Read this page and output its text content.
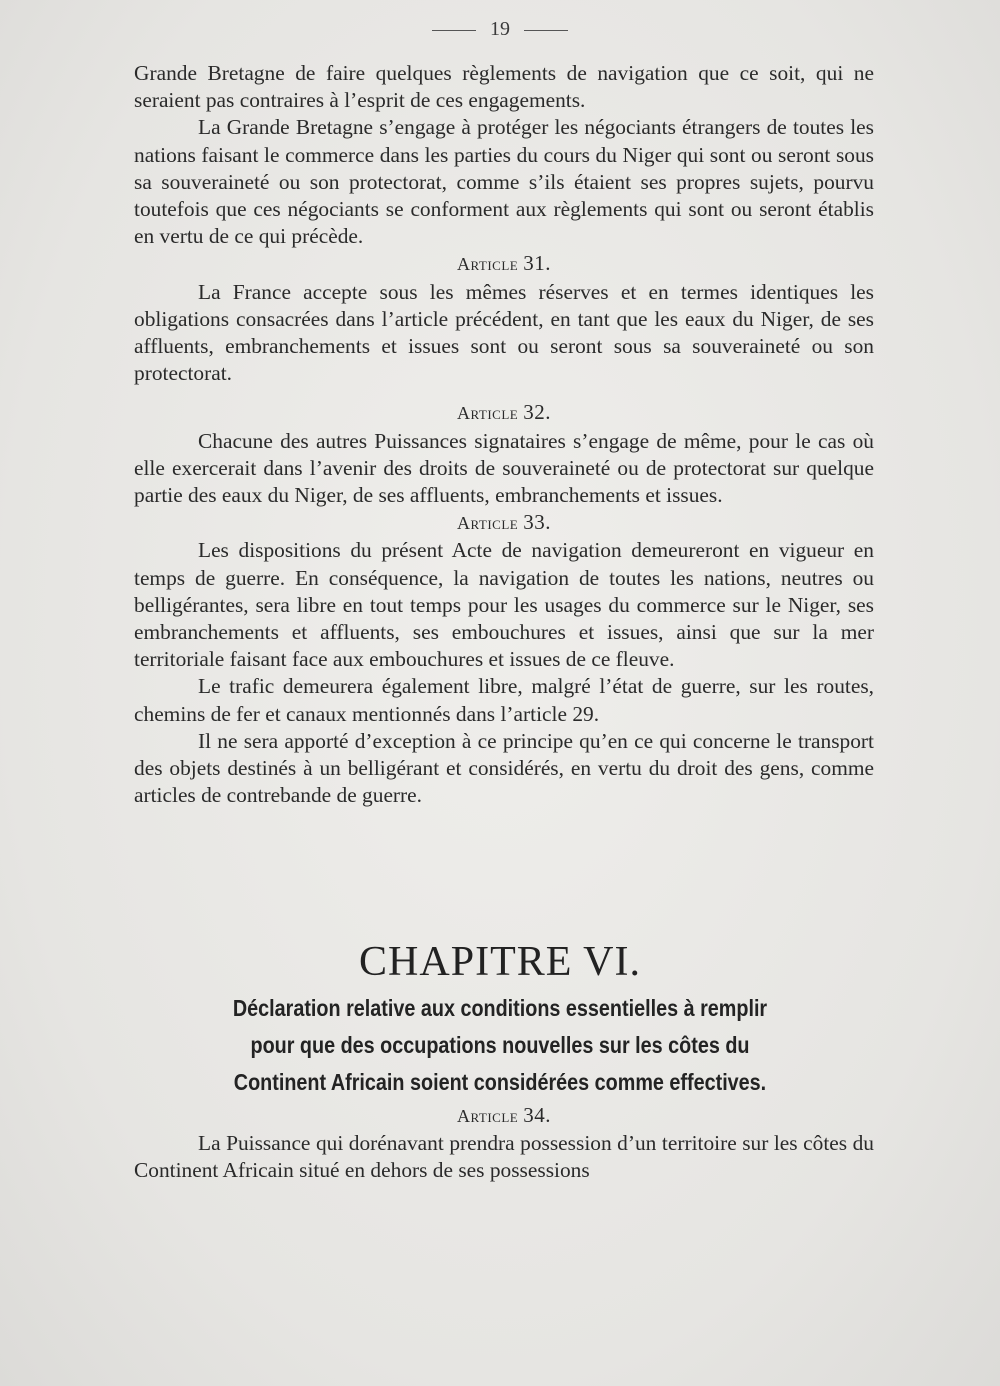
19

Grande Bretagne de faire quelques règlements de navigation que ce soit, qui ne seraient pas contraires à l’esprit de ces engagements.

La Grande Bretagne s’engage à protéger les négociants étrangers de toutes les nations faisant le commerce dans les parties du cours du Niger qui sont ou seront sous sa souveraineté ou son protectorat, comme s’ils étaient ses propres sujets, pourvu toutefois que ces négociants se conforment aux règlements qui sont ou seront établis en vertu de ce qui précède.

Article 31.

La France accepte sous les mêmes réserves et en termes identiques les obligations consacrées dans l’article précédent, en tant que les eaux du Niger, de ses affluents, embranchements et issues sont ou seront sous sa souveraineté ou son protectorat.

Article 32.

Chacune des autres Puissances signataires s’engage de même, pour le cas où elle exercerait dans l’avenir des droits de souveraineté ou de protectorat sur quelque partie des eaux du Niger, de ses affluents, embranchements et issues.

Article 33.

Les dispositions du présent Acte de navigation demeureront en vigueur en temps de guerre. En conséquence, la navigation de toutes les nations, neutres ou belligérantes, sera libre en tout temps pour les usages du commerce sur le Niger, ses embranchements et affluents, ses embouchures et issues, ainsi que sur la mer territoriale faisant face aux embouchures et issues de ce fleuve.

Le trafic demeurera également libre, malgré l’état de guerre, sur les routes, chemins de fer et canaux mentionnés dans l’article 29.

Il ne sera apporté d’exception à ce principe qu’en ce qui concerne le transport des objets destinés à un belligérant et considérés, en vertu du droit des gens, comme articles de contrebande de guerre.

CHAPITRE VI.
Déclaration relative aux conditions essentielles à remplir
pour que des occupations nouvelles sur les côtes du
Continent Africain soient considérées comme effectives.
Article 34.

La Puissance qui dorénavant prendra possession d’un territoire sur les côtes du Continent Africain situé en dehors de ses possessions
